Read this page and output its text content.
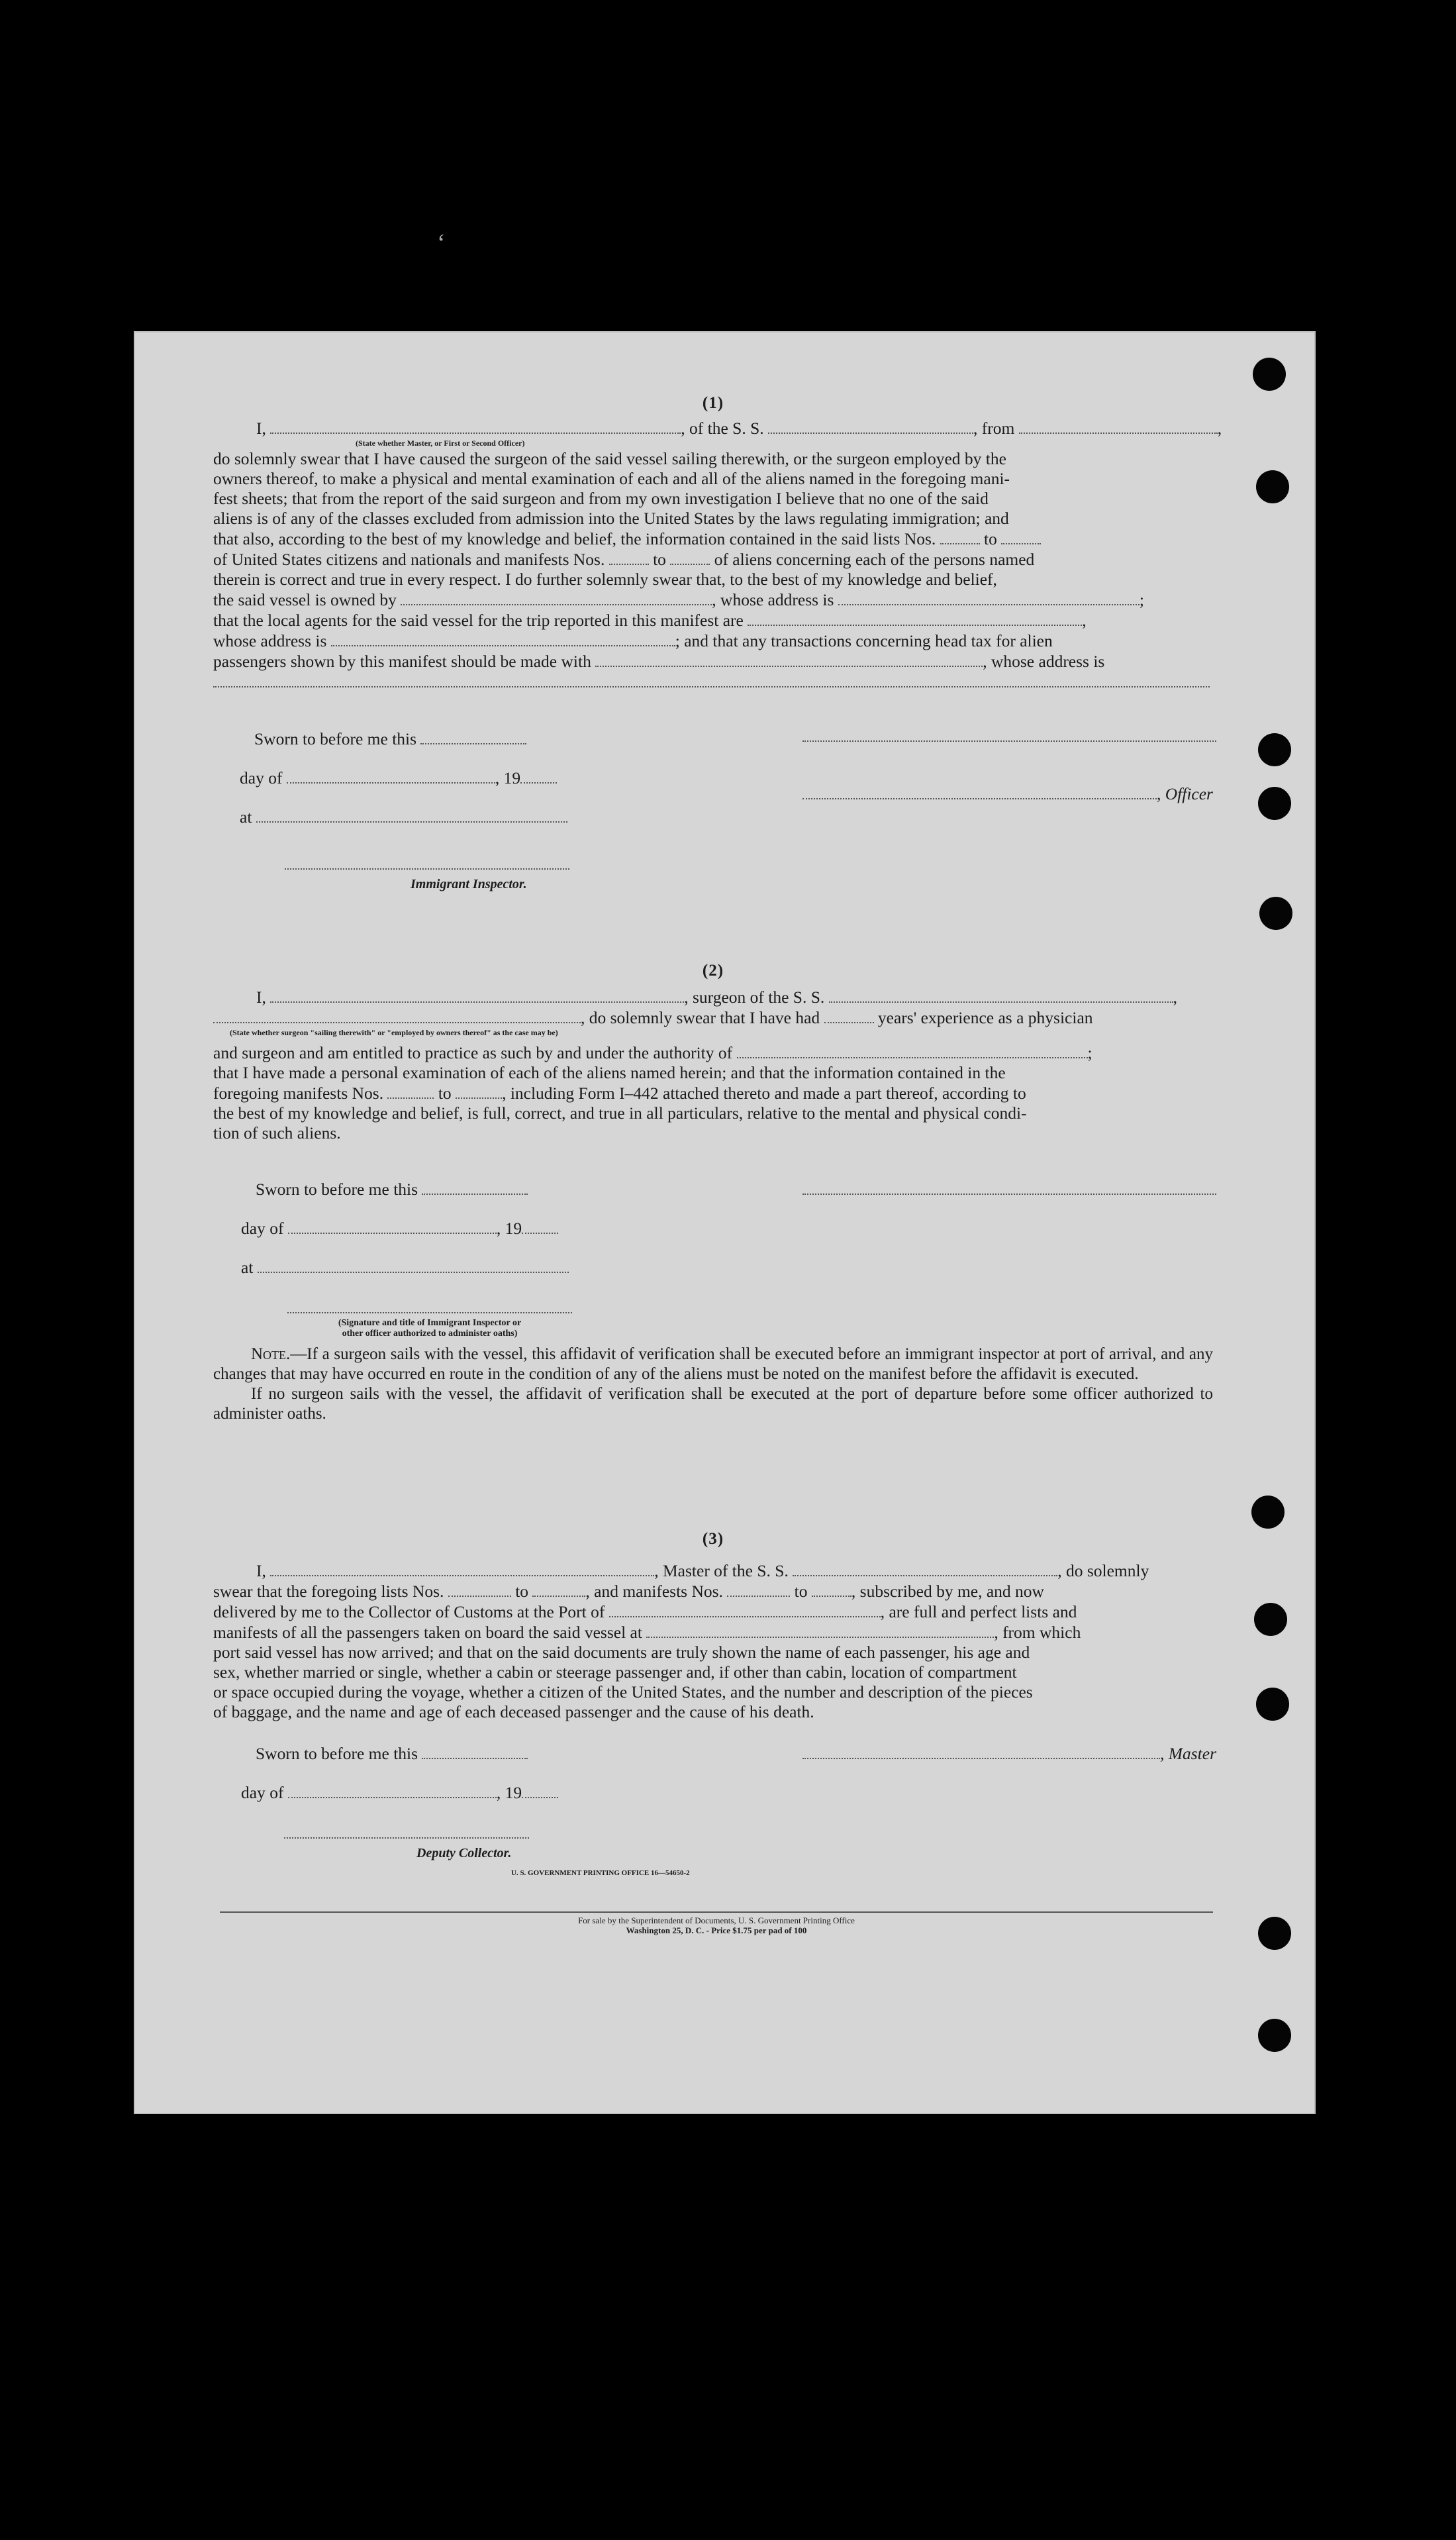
(1)
I,	, of the S. S.	, from	,
(State whether Master, or First or Second Officer)
do solemnly swear that I have caused the surgeon of the said vessel sailing therewith, or the surgeon employed by the
owners thereof, to make a physical and mental examination of each and all of the aliens named in the foregoing mani-
fest sheets; that from the report of the said surgeon and from my own investigation I believe that no one of the said
aliens is of any of the classes excluded from admission into the United States by the laws regulating immigration; and
that also, according to the best of my knowledge and belief, the information contained in the said lists Nos.	to
of United States citizens and nationals and manifests Nos.	to	of aliens concerning each of the persons named
therein is correct and true in every respect. I do further solemnly swear that, to the best of my knowledge and belief,
the said vessel is owned by	, whose address is	;
that the local agents for the said vessel for the trip reported in this manifest are	,
whose address is	; and that any transactions concerning head tax for alien
passengers shown by this manifest should be made with	, whose address is
Sworn to before me this
day of	, 19
at
Immigrant Inspector.
, Officer
(2)
I,	, surgeon of the S. S.	,
, do solemnly swear that I have had	years' experience as a physician
(State whether surgeon "sailing therewith" or "employed by owners thereof" as the case may be)
and surgeon and am entitled to practice as such by and under the authority of	;
that I have made a personal examination of each of the aliens named herein; and that the information contained in the
foregoing manifests Nos.	to	, including Form I–442 attached thereto and made a part thereof, according to
the best of my knowledge and belief, is full, correct, and true in all particulars, relative to the mental and physical condi-
tion of such aliens.
Sworn to before me this
day of	, 19
at
(Signature and title of Immigrant Inspector or
other officer authorized to administer oaths)
Note.—If a surgeon sails with the vessel, this affidavit of verification shall be executed before an immigrant inspector at port of arrival, and any changes that may have occurred en route in the condition of any of the aliens must be noted on the manifest before the affidavit is executed.
If no surgeon sails with the vessel, the affidavit of verification shall be executed at the port of departure before some officer authorized to administer oaths.
(3)
I,	, Master of the S. S.	, do solemnly
swear that the foregoing lists Nos.	to	, and manifests Nos.	to	, subscribed by me, and now
delivered by me to the Collector of Customs at the Port of	, are full and perfect lists and
manifests of all the passengers taken on board the said vessel at	, from which
port said vessel has now arrived; and that on the said documents are truly shown the name of each passenger, his age and
sex, whether married or single, whether a cabin or steerage passenger and, if other than cabin, location of compartment
or space occupied during the voyage, whether a citizen of the United States, and the number and description of the pieces
of baggage, and the name and age of each deceased passenger and the cause of his death.
Sworn to before me this
day of	, 19
Deputy Collector.
, Master
U. S. GOVERNMENT PRINTING OFFICE 16—54650-2
For sale by the Superintendent of Documents, U. S. Government Printing Office
Washington 25, D. C. - Price $1.75 per pad of 100
ʻ
